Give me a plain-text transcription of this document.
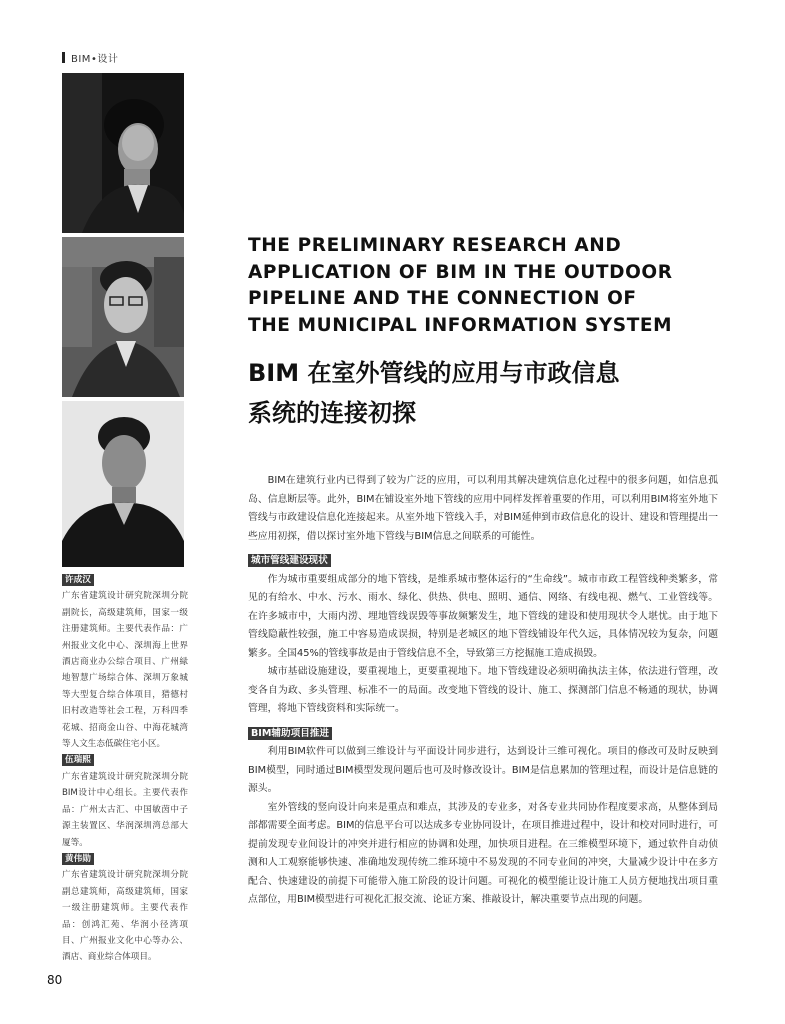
BIM•设计
THE PRELIMINARY RESEARCH AND
APPLICATION OF BIM IN THE OUTDOOR
PIPELINE AND THE CONNECTION OF
THE MUNICIPAL INFORMATION SYSTEM
BIM 在室外管线的应用与市政信息
系统的连接初探
许成汉

广东省建筑设计研究院深圳分院副院长，高级建筑师，国家一级注册建筑师。主要代表作品：广州报业文化中心、深圳海上世界酒店商业办公综合项目、广州緑地智慧广场综合体、深圳万象城等大型复合综合体项目，猎德村旧村改造等社会工程，万科四季花城、招商金山谷、中海花城湾等人文生态低碳住宅小区。

伍瑞熙

广东省建筑设计研究院深圳分院BIM设计中心组长。主要代表作品：广州太古汇、中国敏茵中子源主装置区、华润深圳湾总部大厦等。

黄伟勋

广东省建筑设计研究院深圳分院副总建筑师，高级建筑师，国家一级注册建筑师。主要代表作品：创鸿汇苑、华润小径湾项目、广州报业文化中心等办公、酒店、商业综合体项目。

BIM在建筑行业内已得到了较为广泛的应用，可以利用其解决建筑信息化过程中的很多问题，如信息孤岛、信息断层等。此外，BIM在铺设室外地下管线的应用中同样发挥着重要的作用，可以利用BIM将室外地下管线与市政建设信息化连接起来。从室外地下管线入手，对BIM延伸到市政信息化的设计、建设和管理提出一些应用初探，借以探讨室外地下管线与BIM信息之间联系的可能性。

城市管线建设现状

作为城市重要组成部分的地下管线，是维系城市整体运行的“生命线”。城市市政工程管线种类繁多，常见的有给水、中水、污水、雨水、绿化、供热、供电、照明、通信、网络、有线电视、燃气、工业管线等。在许多城市中，大雨内涝、埋地管线误毁等事故频繁发生，地下管线的建设和使用现状令人堪忧。由于地下管线隐蔽性较强，施工中容易造成误损，特别是老城区的地下管线铺设年代久远，具体情况较为复杂，问题繁多。全国45%的管线事故是由于管线信息不全，导致第三方挖掘施工造成损毁。

城市基础设施建设，要重视地上，更要重视地下。地下管线建设必须明确执法主体，依法进行管理，改变各自为政、多头管理、标准不一的局面。改变地下管线的设计、施工、探测部门信息不畅通的现状，协调管理，将地下管线资料和实际统一。

BIM辅助项目推进

利用BIM软件可以做到三维设计与平面设计同步进行，达到设计三维可视化。项目的修改可及时反映到BIM模型，同时通过BIM模型发现问题后也可及时修改设计。BIM是信息累加的管理过程，而设计是信息链的源头。

室外管线的竖向设计向来是重点和难点，其涉及的专业多，对各专业共同协作程度要求高，从整体到局部都需要全面考虑。BIM的信息平台可以达成多专业协同设计，在项目推进过程中，设计和校对同时进行，可提前发现专业间设计的冲突并进行相应的协调和处理，加快项目进程。在三维模型环境下，通过软件自动侦测和人工观察能够快速、准确地发现传统二维环境中不易发现的不同专业间的冲突，大量减少设计中在多方配合、快速建设的前提下可能带入施工阶段的设计问题。可视化的模型能让设计施工人员方便地找出项目重点部位，用BIM模型进行可视化汇报交流、论证方案、推敲设计，解决重要节点出现的问题。

80
